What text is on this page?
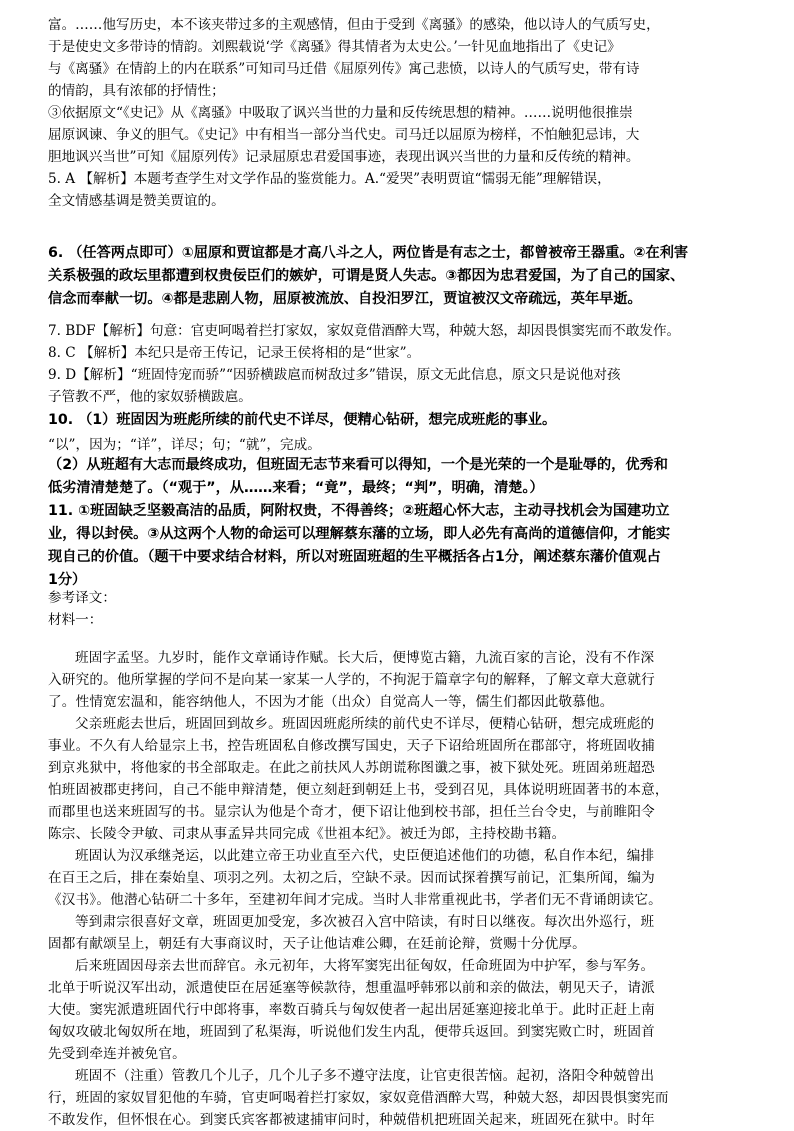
富。……他写历史，本不该夹带过多的主观感情，但由于受到《离骚》的感染，他以诗人的气质写史，
于是使史文多带诗的情韵。刘熙载说‘学《离骚》得其情者为太史公。’一针见血地指出了《史记》
与《离骚》在情韵上的内在联系”可知司马迁借《屈原列传》寓己悲愤，以诗人的气质写史，带有诗
的情韵，具有浓郁的抒情性；
③依据原文“《史记》从《离骚》中吸取了讽兴当世的力量和反传统思想的精神。……说明他很推崇
屈原讽谏、争义的胆气。《史记》中有相当一部分当代史。司马迁以屈原为榜样，不怕触犯忌讳，大
胆地讽兴当世”可知《屈原列传》记录屈原忠君爱国事迹，表现出讽兴当世的力量和反传统的精神。
5. A 【解析】本题考查学生对文学作品的鉴赏能力。A.“爱哭”表明贾谊“懦弱无能”理解错误，
全文情感基调是赞美贾谊的。
6. （任答两点即可）①屈原和贾谊都是才高八斗之人，两位皆是有志之士，都曾被帝王器重。②在利害
关系极强的政坛里都遭到权贵佞臣们的嫉妒，可谓是贤人失志。③都因为忠君爱国，为了自己的国家、
信念而奉献一切。④都是悲剧人物，屈原被流放、自投汨罗江，贾谊被汉文帝疏远，英年早逝。
7. BDF【解析】句意：官吏呵喝着拦打家奴，家奴竟借酒醉大骂，种兢大怒，却因畏惧窦宪而不敢发作。
8. C 【解析】本纪只是帝王传记，记录王侯将相的是“世家”。
9. D【解析】“班固恃宠而骄”“因骄横跋扈而树敌过多”错误，原文无此信息，原文只是说他对孩
子管教不严，他的家奴骄横跋扈。
10. （1）班固因为班彪所续的前代史不详尽，便精心钻研，想完成班彪的事业。
“以”，因为；“详”，详尽；句；“就”，完成。
（2）从班超有大志而最终成功，但班固无志节来看可以得知，一个是光荣的一个是耻辱的，优秀和
低劣清清楚楚了。（“观于”，从……来看；“竟”，最终；“判”，明确，清楚。）
11. ①班固缺乏坚毅高洁的品质，阿附权贵，不得善终；②班超心怀大志，主动寻找机会为国建功立
业，得以封侯。③从这两个人物的命运可以理解蔡东藩的立场，即人必先有高尚的道德信仰，才能实
现自己的价值。（题干中要求结合材料，所以对班固班超的生平概括各占1分，阐述蔡东藩价值观占
1分）
参考译文：
材料一：
班固字孟坚。九岁时，能作文章诵诗作赋。长大后，便博览古籍，九流百家的言论，没有不作深
入研究的。他所掌握的学问不是向某一家某一人学的，不拘泥于篇章字句的解释，了解文章大意就行
了。性情宽宏温和，能容纳他人，不因为才能（出众）自觉高人一等，儒生们都因此敬慕他。
父亲班彪去世后，班固回到故乡。班固因班彪所续的前代史不详尽，便精心钻研，想完成班彪的
事业。不久有人给显宗上书，控告班固私自修改撰写国史，天子下诏给班固所在郡部守，将班固收捕
到京兆狱中，将他家的书全部取走。在此之前扶风人苏朗谎称图谶之事，被下狱处死。班固弟班超恐
怕班固被郡吏拷问，自己不能申辩清楚，便立刻赶到朝廷上书，受到召见，具体说明班固著书的本意，
而郡里也送来班固写的书。显宗认为他是个奇才，便下诏让他到校书部，担任兰台令史，与前睢阳令
陈宗、长陵令尹敏、司隶从事孟异共同完成《世祖本纪》。被迁为郎，主持校勘书籍。
班固认为汉承继尧运，以此建立帝王功业直至六代，史臣便追述他们的功德，私自作本纪，编排
在百王之后，排在秦始皇、项羽之列。太初之后，空缺不录。因而试探着撰写前记，汇集所闻，编为
《汉书》。他潜心钻研二十多年，至建初年间才完成。当时人非常重视此书，学者们无不背诵朗读它。
等到肃宗很喜好文章，班固更加受宠，多次被召入宫中陪读，有时日以继夜。每次出外巡行，班
固都有献颂呈上，朝廷有大事商议时，天子让他诘难公卿，在廷前论辩，赏赐十分优厚。
后来班固因母亲去世而辞官。永元初年，大将军窦宪出征匈奴，任命班固为中护军，参与军务。
北单于听说汉军出动，派遣使臣在居延塞等候款待，想重温呼韩邪以前和亲的做法，朝见天子，请派
大使。窦宪派遣班固代行中郎将事，率数百骑兵与匈奴使者一起出居延塞迎接北单于。此时正赶上南
匈奴攻破北匈奴所在地，班固到了私渠海，听说他们发生内乱，便带兵返回。到窦宪败亡时，班固首
先受到牵连并被免官。
班固不（注重）管教几个儿子，几个儿子多不遵守法度，让官吏很苦恼。起初，洛阳令种兢曾出
行，班固的家奴冒犯他的车骑，官吏呵喝着拦打家奴，家奴竟借酒醉大骂，种兢大怒，却因畏惧窦宪而
不敢发作，但怀恨在心。到窦氏宾客都被逮捕审问时，种兢借机把班固关起来，班固死在狱中。时年
